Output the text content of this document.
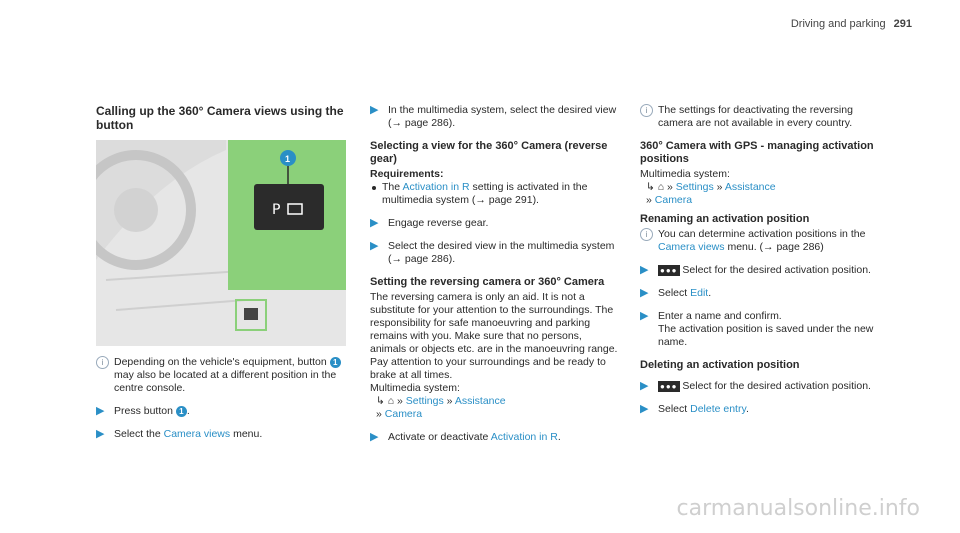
Driving and parking 291
Calling up the 360° Camera views using the button
P
1
i	Depending on the vehicle's equipment, button 1 may also be located at a different position in the centre console.
▶ Press button 1 .
▶ Select the Camera views menu.
▶ In the multimedia system, select the desired view (→ page 286).
Selecting a view for the 360° Camera (reverse gear)

Requirements:

The Activation in R setting is activated in the multimedia system (→ page 291).
▶ Engage reverse gear.
▶ Select the desired view in the multimedia system (→ page 286).
Setting the reversing camera or 360° Camera

The reversing camera is only an aid. It is not a substitute for your attention to the surroundings. The responsibility for safe manoeuvring and parking remains with you. Make sure that no persons, animals or objects etc. are in the manoeuvring range. Pay attention to your surroundings and be ready to brake at all times.

Multimedia system:

↳ ⌂ » Settings » Assistance

» Camera

▶ Activate or deactivate Activation in R.
i	The settings for deactivating the reversing camera are not available in every country.
360° Camera with GPS - managing activation positions

Multimedia system:

↳ ⌂ » Settings » Assistance

» Camera

Renaming an activation position
i	You can determine activation positions in the Camera views menu. (→ page 286)
▶ ●●● Select for the desired activation position.
▶ Select Edit.
▶ Enter a name and confirm.
The activation position is saved under the new name.
Deleting an activation position
▶ ●●● Select for the desired activation position.
▶ Select Delete entry.
carmanualsonline.info
